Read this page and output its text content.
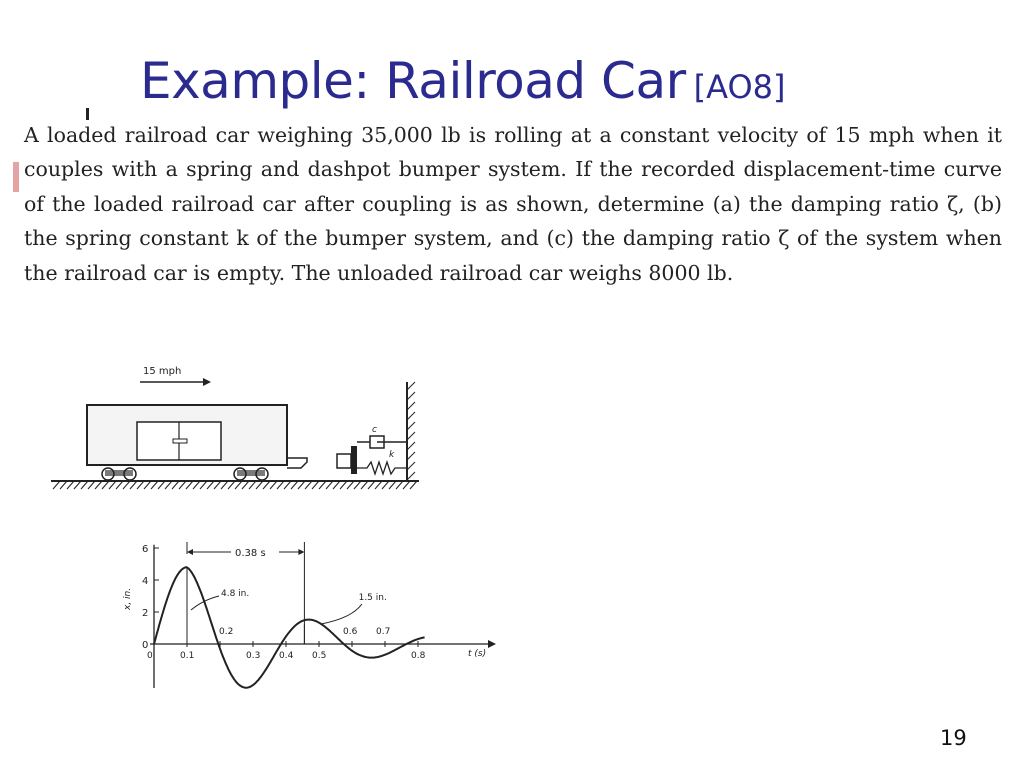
Example: Railroad Car [AO8]

A loaded railroad car weighing 35,000 lb is rolling at a constant velocity of 15 mph when it couples with a spring and dashpot bumper system. If the recorded displacement-time curve of the loaded railroad car after coupling is as shown, determine (a) the damping ratio ζ, (b) the spring constant k of the bumper system, and (c) the damping ratio ζ of the system when the railroad car is empty. The unloaded railroad car weighs 8000 lb.

15 mph
c
k
x, in.
t (s)
6
4
2
0
0	0.1	0.3 0.4 0.5	0.8
0.2	0.6 0.7
0.38 s
4.8 in.	1.5 in.
19
